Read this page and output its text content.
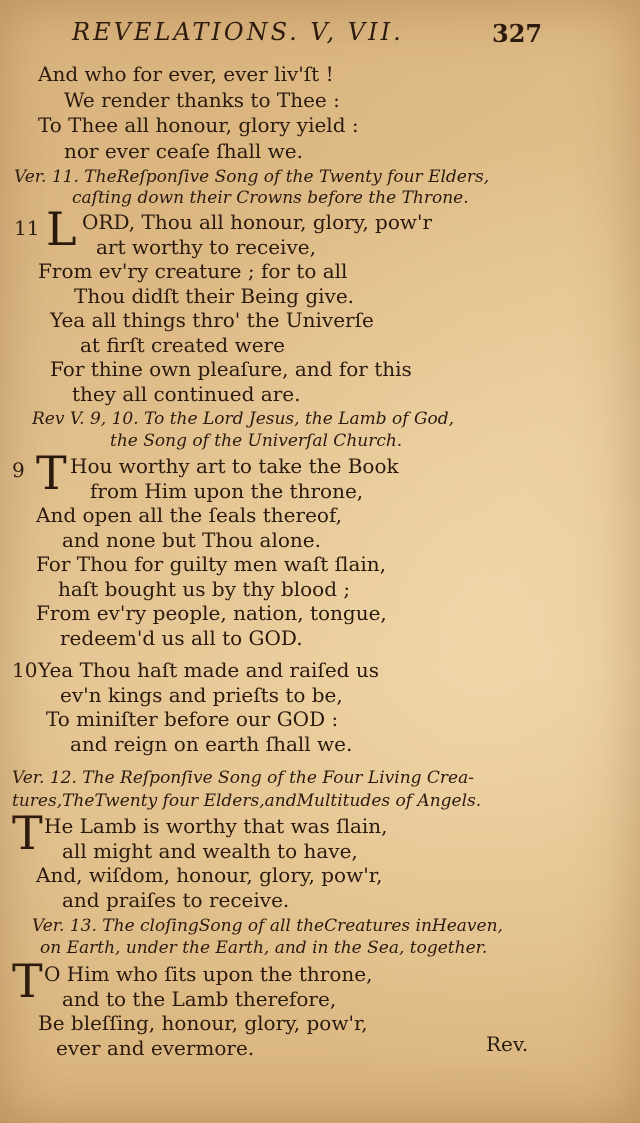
REVELATIONS. V, VII.	327
And who for ever, ever liv'ſt !
We render thanks to Thee :
To Thee all honour, glory yield :
nor ever ceaſe ſhall we.
Ver. 11. TheReſponſive Song of the Twenty four Elders,
caſting down their Crowns before the Throne.
11 L ORD, Thou all honour, glory, pow'r
art worthy to receive,
From ev'ry creature ; for to all
Thou didſt their Being give.
Yea all things thro' the Univerſe
at firſt created were
For thine own pleaſure, and for this
they all continued are.
Rev V. 9, 10. To the Lord Jesus, the Lamb of God,
the Song of the Univerſal Church.
9 T Hou worthy art to take the Book
from Him upon the throne,
And open all the ſeals thereof,
and none but Thou alone.
For Thou for guilty men waſt ſlain,
haſt bought us by thy blood ;
From ev'ry people, nation, tongue,
redeem'd us all to GOD.
10 Yea Thou haſt made and raiſed us
ev'n kings and prieſts to be,
To miniſter before our GOD :
and reign on earth ſhall we.
Ver. 12. The Reſponſive Song of the Four Living Crea-
tures,TheTwenty four Elders,andMultitudes of Angels.
T He Lamb is worthy that was ſlain,
all might and wealth to have,
And, wiſdom, honour, glory, pow'r,
and praiſes to receive.
Ver. 13. The cloſingSong of all theCreatures inHeaven,
on Earth, under the Earth, and in the Sea, together.
T O Him who ſits upon the throne,
and to the Lamb therefore,
Be bleſſing, honour, glory, pow'r,
ever and evermore.	Rev.
